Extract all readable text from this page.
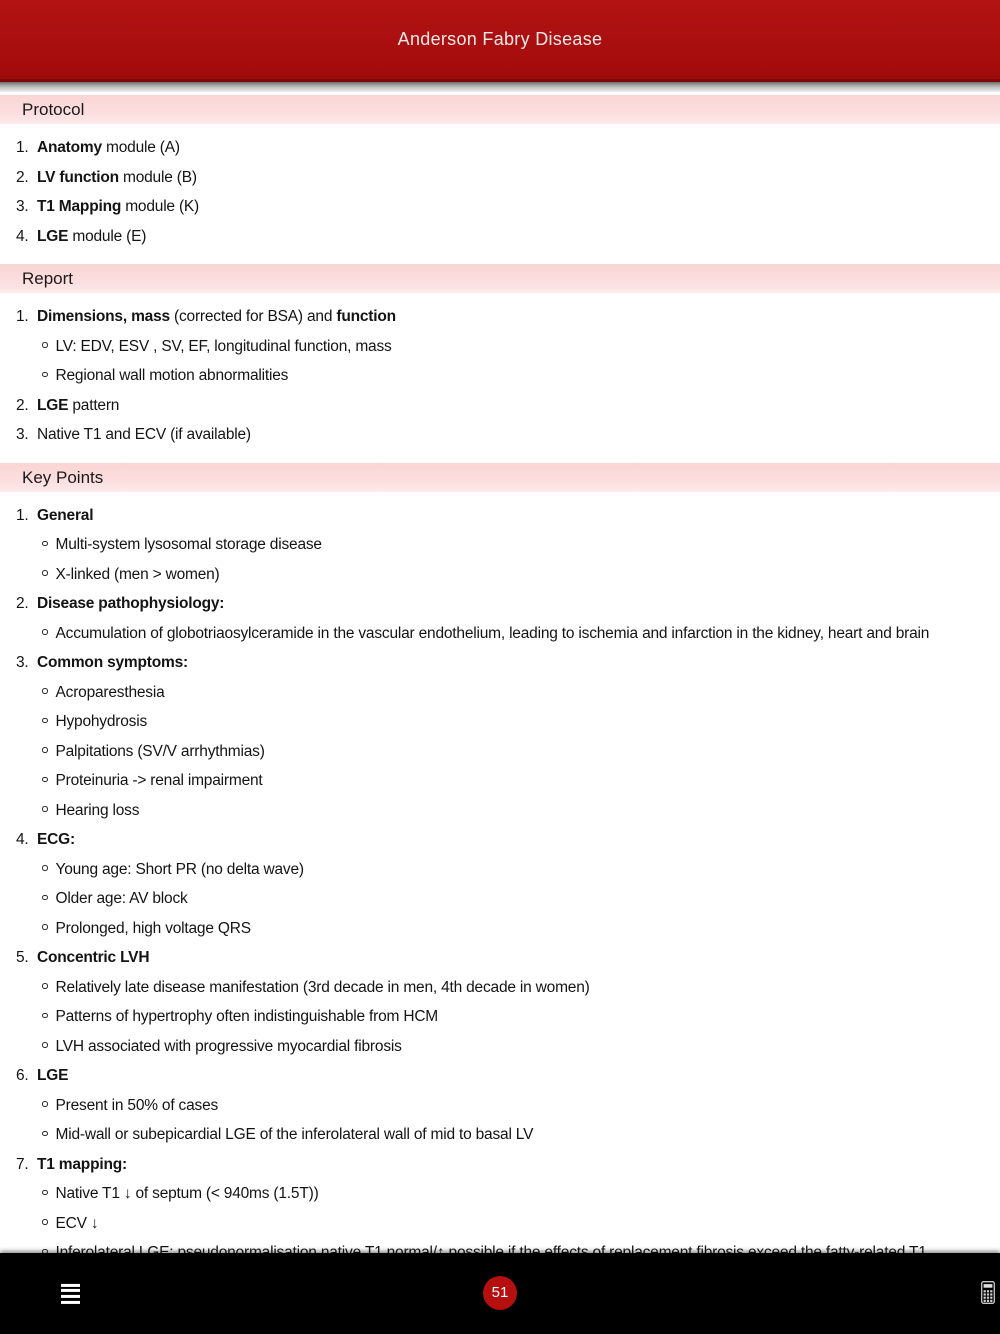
Anderson Fabry Disease
Protocol
1. Anatomy module (A)
2. LV function module (B)
3. T1 Mapping module (K)
4. LGE module (E)
Report
1. Dimensions, mass (corrected for BSA) and function
LV: EDV, ESV , SV, EF, longitudinal function, mass
Regional wall motion abnormalities
2. LGE pattern
3. Native T1 and ECV (if available)
Key Points
1. General
Multi-system lysosomal storage disease
X-linked (men > women)
2. Disease pathophysiology:
Accumulation of globotriaosylceramide in the vascular endothelium, leading to ischemia and infarction in the kidney, heart and brain
3. Common symptoms:
Acroparesthesia
Hypohydrosis
Palpitations (SV/V arrhythmias)
Proteinuria -> renal impairment
Hearing loss
4. ECG:
Young age: Short PR (no delta wave)
Older age: AV block
Prolonged, high voltage QRS
5. Concentric LVH
Relatively late disease manifestation (3rd decade in men, 4th decade in women)
Patterns of hypertrophy often indistinguishable from HCM
LVH associated with progressive myocardial fibrosis
6. LGE
Present in 50% of cases
Mid-wall or subepicardial LGE of the inferolateral wall of mid to basal LV
7. T1 mapping:
Native T1 ↓ of septum (< 940ms (1.5T))
ECV ↓
51
